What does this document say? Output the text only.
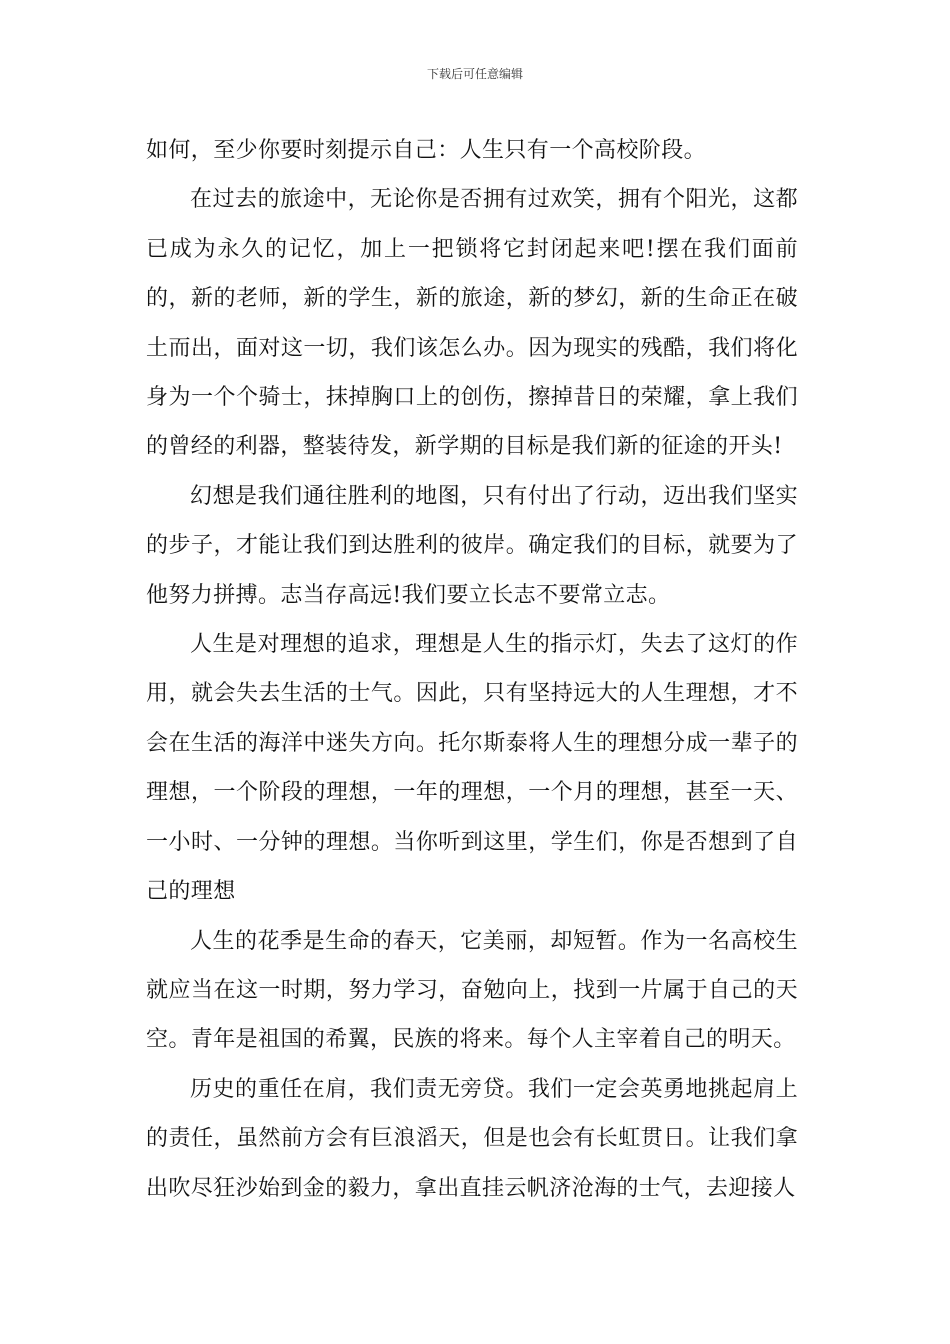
下载后可任意编辑

如何，至少你要时刻提示自己：人生只有一个高校阶段。

在过去的旅途中，无论你是否拥有过欢笑，拥有个阳光，这都已成为永久的记忆，加上一把锁将它封闭起来吧!摆在我们面前的，新的老师，新的学生，新的旅途，新的梦幻，新的生命正在破土而出，面对这一切，我们该怎么办。因为现实的残酷，我们将化身为一个个骑士，抹掉胸口上的创伤，擦掉昔日的荣耀，拿上我们的曾经的利器，整装待发，新学期的目标是我们新的征途的开头!

幻想是我们通往胜利的地图，只有付出了行动，迈出我们坚实的步子，才能让我们到达胜利的彼岸。确定我们的目标，就要为了他努力拼搏。志当存高远!我们要立长志不要常立志。

人生是对理想的追求，理想是人生的指示灯，失去了这灯的作用，就会失去生活的士气。因此，只有坚持远大的人生理想，才不会在生活的海洋中迷失方向。托尔斯泰将人生的理想分成一辈子的理想，一个阶段的理想，一年的理想，一个月的理想，甚至一天、一小时、一分钟的理想。当你听到这里，学生们，你是否想到了自己的理想

人生的花季是生命的春天，它美丽，却短暂。作为一名高校生就应当在这一时期，努力学习，奋勉向上，找到一片属于自己的天空。青年是祖国的希翼，民族的将来。每个人主宰着自己的明天。

历史的重任在肩，我们责无旁贷。我们一定会英勇地挑起肩上的责任，虽然前方会有巨浪滔天，但是也会有长虹贯日。让我们拿出吹尽狂沙始到金的毅力，拿出直挂云帆济沧海的士气，去迎接人
